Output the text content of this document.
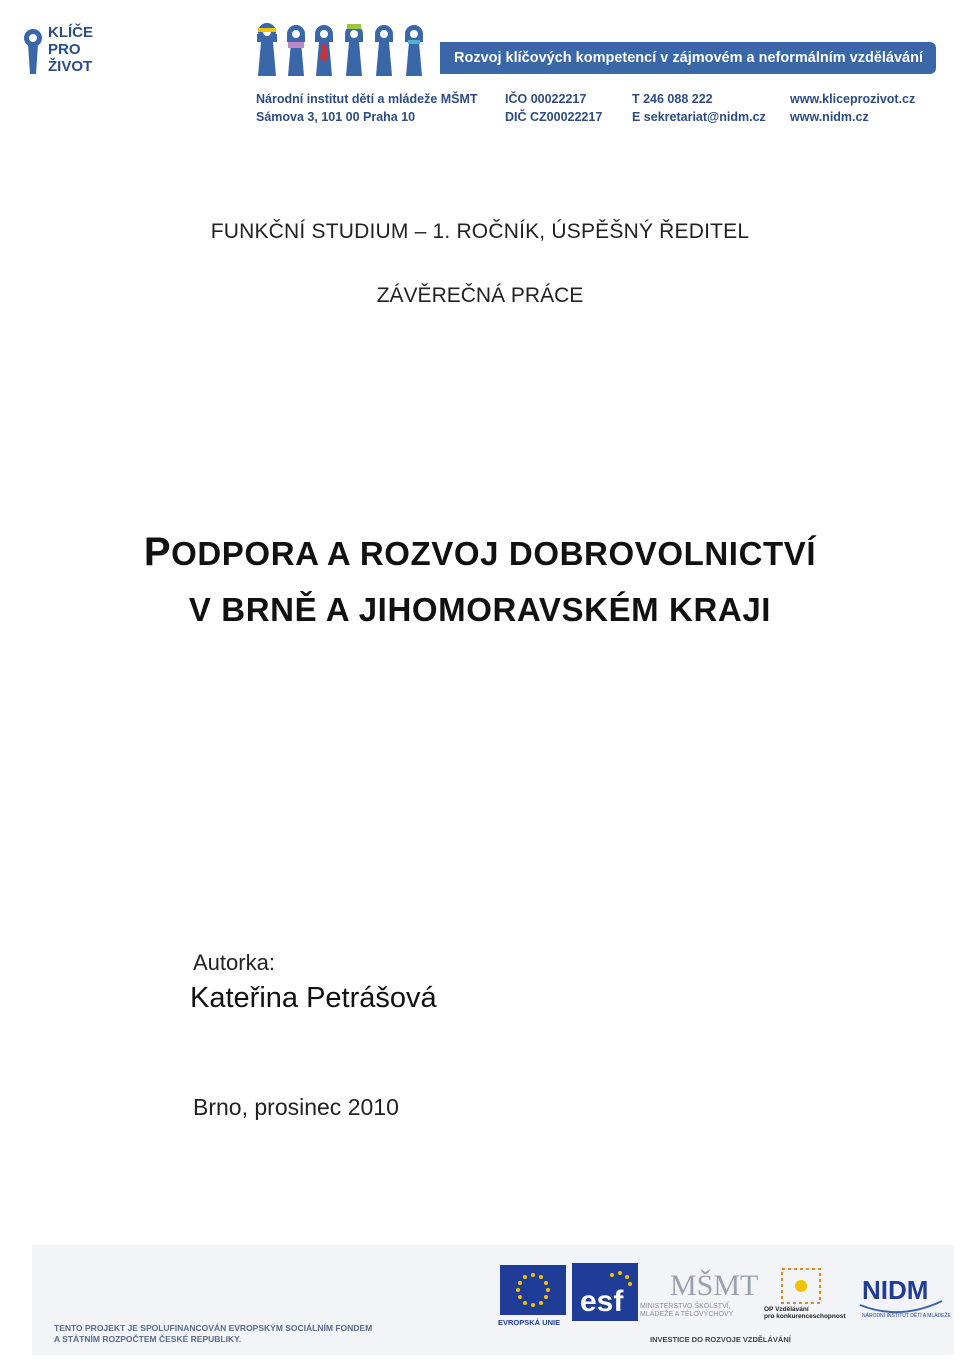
KLÍČE
PRO
ŽIVOT	Rozvoj klíčových kompetencí v zájmovém a neformálním vzdělávání
Národní institut dětí a mládeže MŠMT
Sámova 3, 101 00 Praha 10
IČO 00022217
DIČ CZ00022217
T 246 088 222
E sekretariat@nidm.cz
www.kliceprozivot.cz
www.nidm.cz
FUNKČNÍ STUDIUM – 1. ROČNÍK, ÚSPĚŠNÝ ŘEDITEL
ZÁVĚREČNÁ PRÁCE
PODPORA A ROZVOJ DOBROVOLNICTVÍ
V BRNĚ A JIHOMORAVSKÉM KRAJI
Autorka:
Kateřina Petrášová
Brno, prosinec 2010
TENTO PROJEKT JE SPOLUFINANCOVÁN EVROPSKÝM SOCIÁLNÍM FONDEM
A STÁTNÍM ROZPOČTEM ČESKÉ REPUBLIKY.
EVROPSKÁ UNIE
esf MŠMT
MINISTERSTVO ŠKOLSTVÍ,
MLÁDEŽE A TĚLOVÝCHOVY
OP Vzdělávání
pro konkurenceschopnost
NIDM
NÁRODNÍ INSTITUT DĚTÍ A MLÁDEŽE
INVESTICE DO ROZVOJE VZDĚLÁVÁNÍ
